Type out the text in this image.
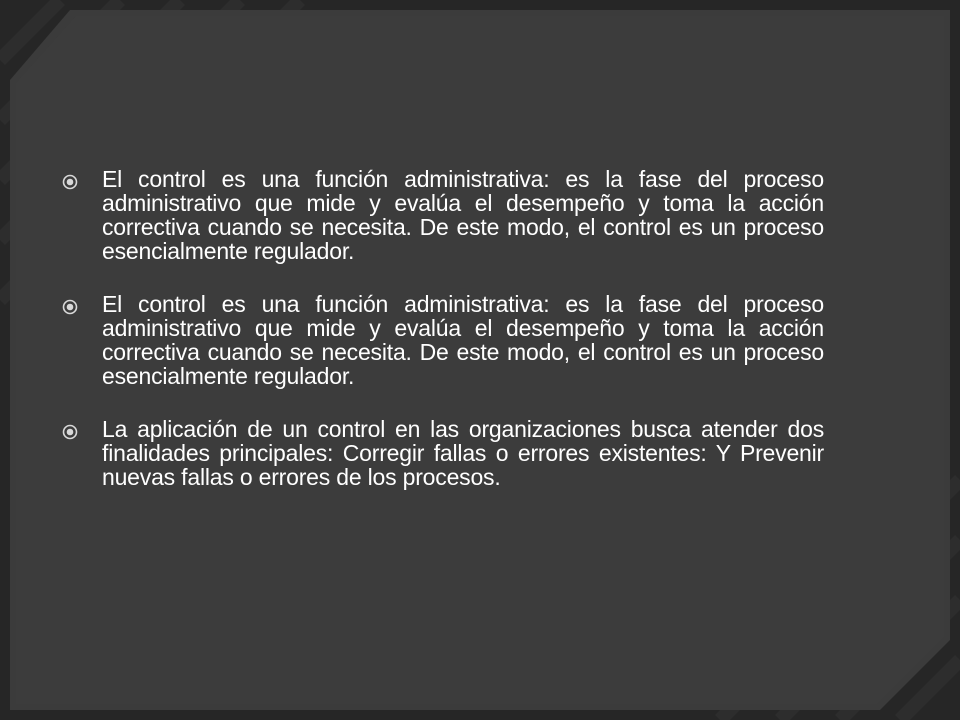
El control es una función administrativa: es la fase del proceso administrativo que mide y evalúa el desempeño y toma la acción correctiva cuando se necesita. De este modo, el control es un proceso esencialmente regulador.
El control es una función administrativa: es la fase del proceso administrativo que mide y evalúa el desempeño y toma la acción correctiva cuando se necesita. De este modo, el control es un proceso esencialmente regulador.
La aplicación de un control en las organizaciones busca atender dos finalidades principales: Corregir fallas o errores existentes: Y Prevenir nuevas fallas o errores de los procesos.
